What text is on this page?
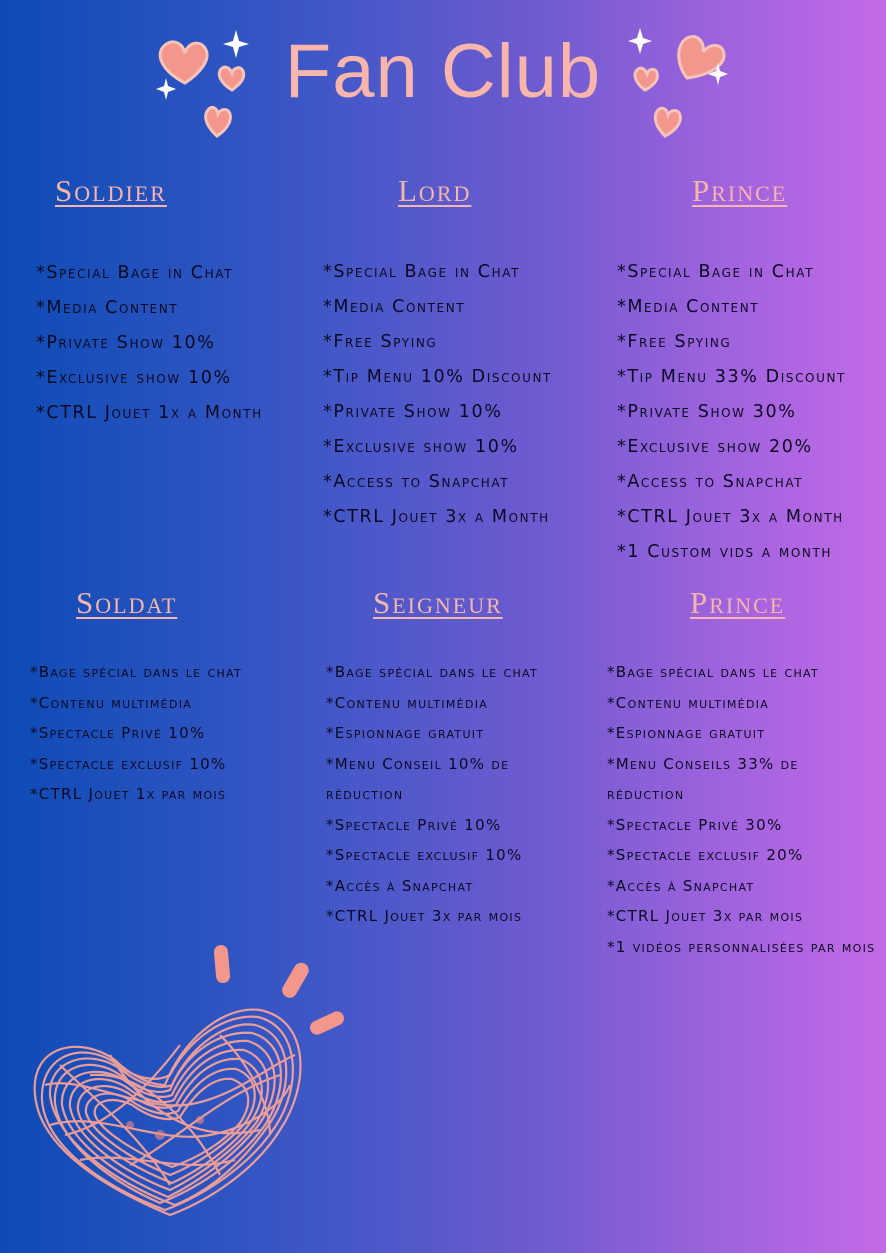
Fan Club
Soldier
*Special Bage in Chat
*Media Content
*Private Show 10%
*Exclusive show 10%
*CTRL Jouet 1x a Month
Lord
*Special Bage in Chat
*Media Content
*Free Spying
*Tip Menu 10% Discount
*Private Show 10%
*Exclusive show 10%
*Access to Snapchat
*CTRL Jouet 3x a Month
Prince
*Special Bage in Chat
*Media Content
*Free Spying
*Tip Menu 33% Discount
*Private Show 30%
*Exclusive show 20%
*Access to Snapchat
*CTRL Jouet 3x a Month
*1 Custom vids a month
Soldat
*Bage spécial dans le chat
*Contenu multimédia
*Spectacle Privé 10%
*Spectacle exclusif 10%
*CTRL Jouet 1x par mois
Seigneur
*Bage spécial dans le chat
*Contenu multimédia
*Espionnage gratuit
*Menu Conseil 10% de réduction
*Spectacle Privé 10%
*Spectacle exclusif 10%
*Accès à Snapchat
*CTRL Jouet 3x par mois
Prince
*Bage spécial dans le chat
*Contenu multimédia
*Espionnage gratuit
*Menu Conseils 33% de réduction
*Spectacle Privé 30%
*Spectacle exclusif 20%
*Accès à Snapchat
*CTRL Jouet 3x par mois
*1 vidéos personnalisées par mois
